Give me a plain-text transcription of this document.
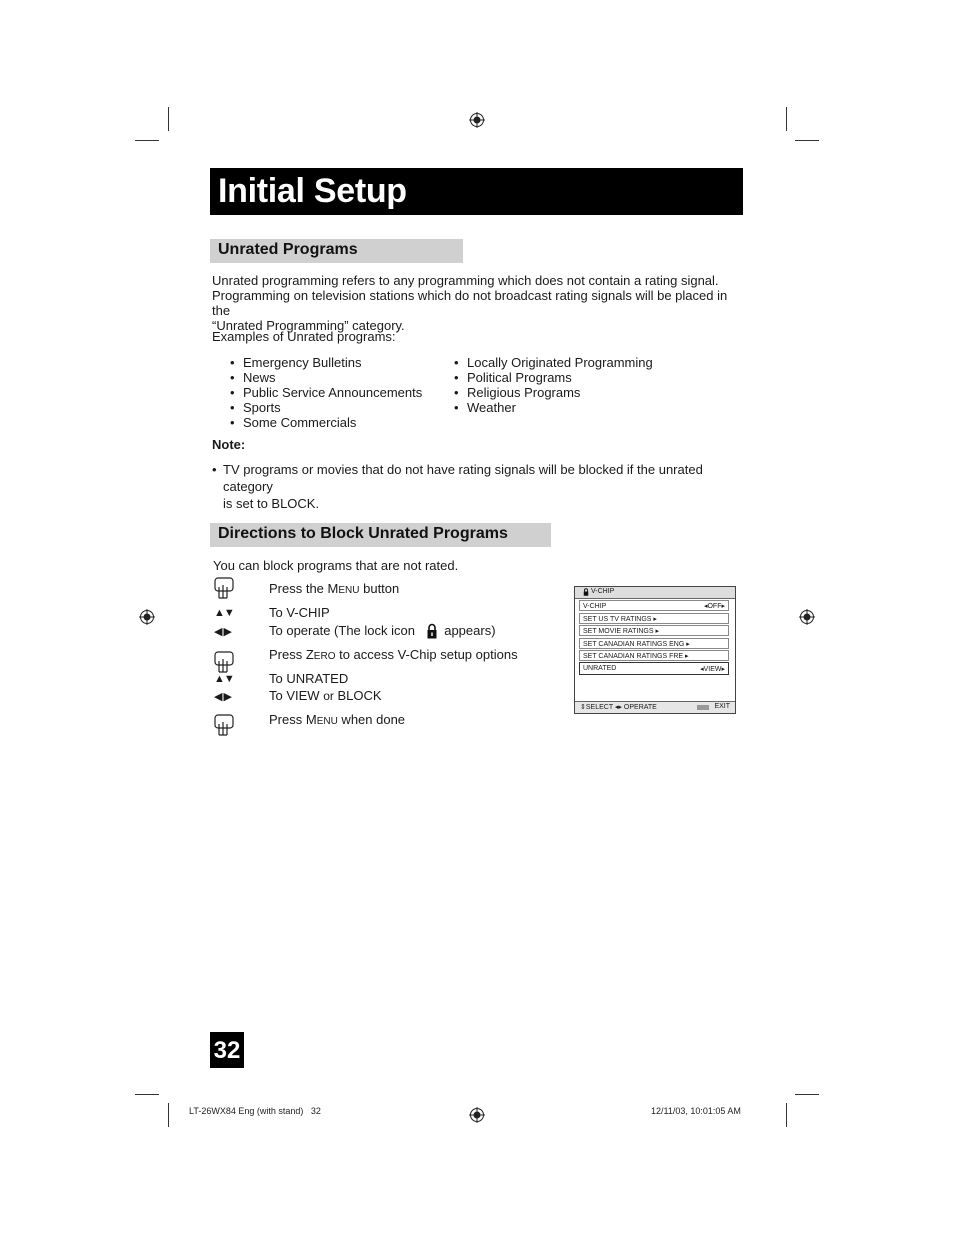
Initial Setup
Unrated Programs
Unrated programming refers to any programming which does not contain a rating signal.
Programming on television stations which do not broadcast rating signals will be placed in the
“Unrated Programming” category.
Examples of Unrated programs:
• Emergency Bulletins
• News
• Public Service Announcements
• Sports
• Some Commercials
• Locally Originated Programming
• Political Programs
• Religious Programs
• Weather
Note:
• TV programs or movies that do not have rating signals will be blocked if the unrated category
is set to BLOCK.
Directions to Block Unrated Programs
You can block programs that are not rated.
Press the MENU button
▲▼	To V-CHIP
◀ ▶	To operate (The lock icon appears)
Press ZERO to access V-Chip setup options
▲▼	To UNRATED
◀ ▶	To VIEW or BLOCK
Press MENU when done
V-CHIP
V-CHIP	◂OFF▸
SET US TV RATINGS ▸
SET MOVIE RATINGS ▸
SET CANADIAN RATINGS ENG ▸
SET CANADIAN RATINGS FRE ▸
UNRATED	◂VIEW▸
⇕SELECT ◂▸ OPERATE	EXIT
32
LT-26WX84 Eng (with stand)   32	12/11/03, 10:01:05 AM
